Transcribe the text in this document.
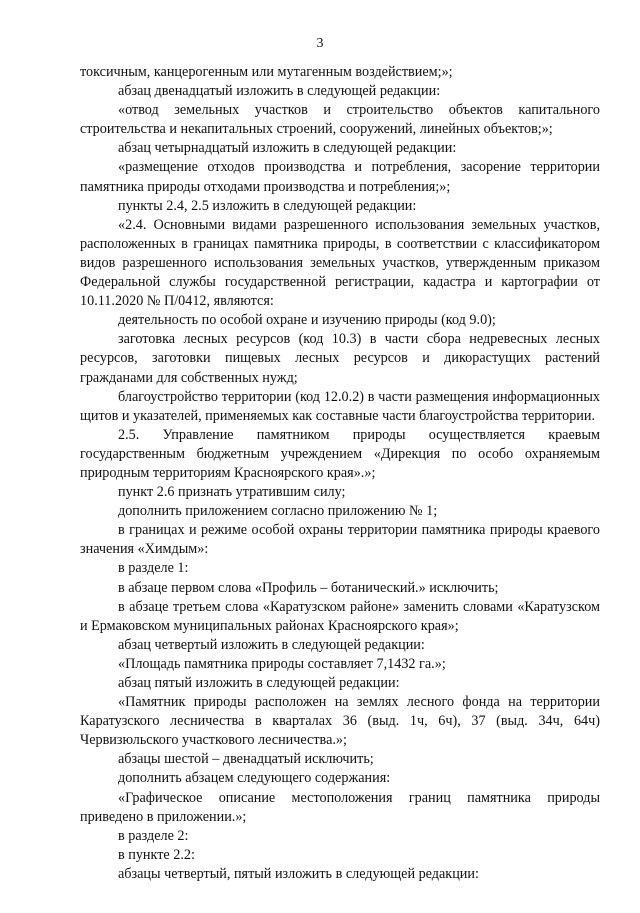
3

токсичным, канцерогенным или мутагенным воздействием;»;

абзац двенадцатый изложить в следующей редакции:

«отвод земельных участков и строительство объектов капитального строительства и некапитальных строений, сооружений, линейных объектов;»;

абзац четырнадцатый изложить в следующей редакции:

«размещение отходов производства и потребления, засорение территории памятника природы отходами производства и потребления;»;

пункты 2.4, 2.5 изложить в следующей редакции:

«2.4. Основными видами разрешенного использования земельных участков, расположенных в границах памятника природы, в соответствии с классификатором видов разрешенного использования земельных участков, утвержденным приказом Федеральной службы государственной регистрации, кадастра и картографии от 10.11.2020 № П/0412, являются:

деятельность по особой охране и изучению природы (код 9.0);

заготовка лесных ресурсов (код 10.3) в части сбора недревесных лесных ресурсов, заготовки пищевых лесных ресурсов и дикорастущих растений гражданами для собственных нужд;

благоустройство территории (код 12.0.2) в части размещения информационных щитов и указателей, применяемых как составные части благоустройства территории.

2.5. Управление памятником природы осуществляется краевым государственным бюджетным учреждением «Дирекция по особо охраняемым природным территориям Красноярского края».»;

пункт 2.6 признать утратившим силу;

дополнить приложением согласно приложению № 1;

в границах и режиме особой охраны территории памятника природы краевого значения «Химдым»:

в разделе 1:

в абзаце первом слова «Профиль – ботанический.» исключить;

в абзаце третьем слова «Каратузском районе» заменить словами «Каратузском и Ермаковском муниципальных районах Красноярского края»;

абзац четвертый изложить в следующей редакции:

«Площадь памятника природы составляет 7,1432 га.»;

абзац пятый изложить в следующей редакции:

«Памятник природы расположен на землях лесного фонда на территории Каратузского лесничества в кварталах 36 (выд. 1ч, 6ч), 37 (выд. 34ч, 64ч) Червизюльского участкового лесничества.»;

абзацы шестой – двенадцатый исключить;

дополнить абзацем следующего содержания:

«Графическое описание местоположения границ памятника природы приведено в приложении.»;

в разделе 2:

в пункте 2.2:

абзацы четвертый, пятый изложить в следующей редакции:
